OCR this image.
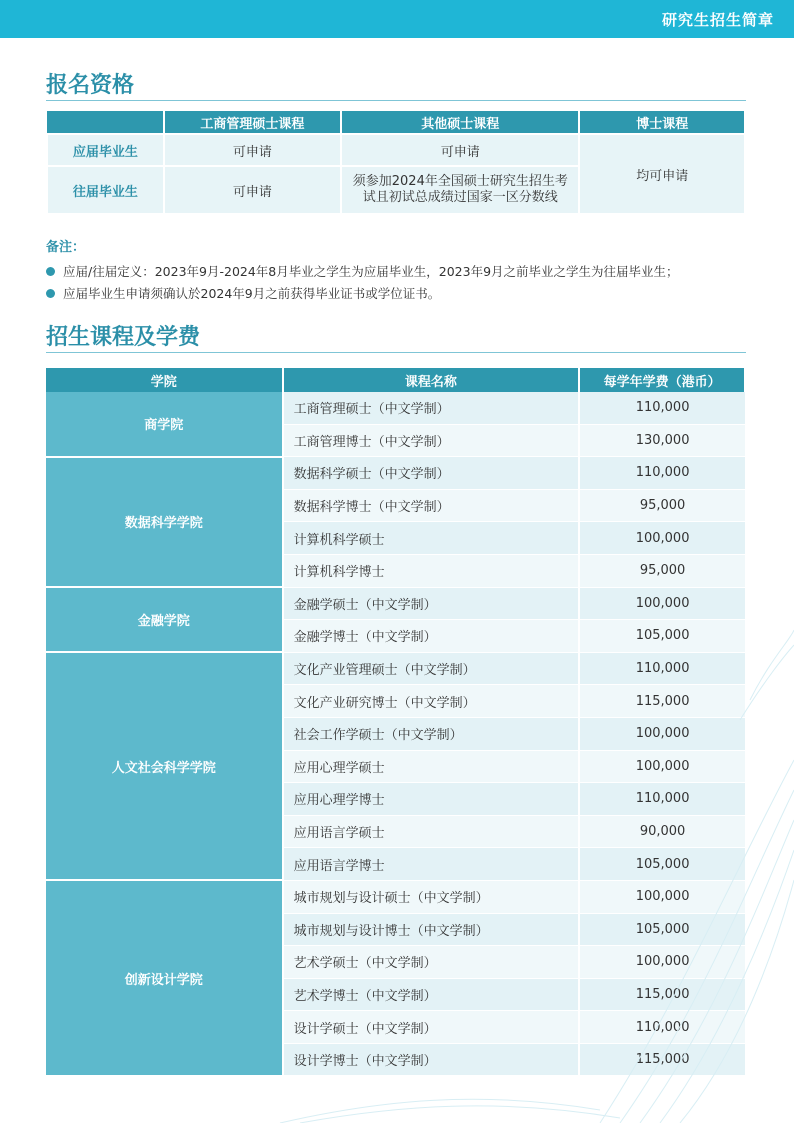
研究生招生简章
报名资格
	工商管理硕士课程	其他硕士课程	博士课程
应届毕业生	可申请	可申请	均可申请
往届毕业生	可申请	须参加2024年全国硕士研究生招生考试且初试总成绩过国家一区分数线	
备注：
应届/往届定义：2023年9月-2024年8月毕业之学生为应届毕业生，2023年9月之前毕业之学生为往届毕业生；
应届毕业生申请须确认於2024年9月之前获得毕业证书或学位证书。
招生课程及学费
学院	课程名称	每学年学费（港币）
商学院	工商管理硕士（中文学制）	110,000
	工商管理博士（中文学制）	130,000
数据科学学院	数据科学硕士（中文学制）	110,000
	数据科学博士（中文学制）	95,000
	计算机科学硕士	100,000
	计算机科学博士	95,000
金融学院	金融学硕士（中文学制）	100,000
	金融学博士（中文学制）	105,000
人文社会科学学院	文化产业管理硕士（中文学制）	110,000
	文化产业研究博士（中文学制）	115,000
	社会工作学硕士（中文学制）	100,000
	应用心理学硕士	100,000
	应用心理学博士	110,000
	应用语言学硕士	90,000
	应用语言学博士	105,000
创新设计学院	城市规划与设计硕士（中文学制）	100,000
	城市规划与设计博士（中文学制）	105,000
	艺术学硕士（中文学制）	100,000
	艺术学博士（中文学制）	115,000
	设计学硕士（中文学制）	110,000
	设计学博士（中文学制）	115,000
